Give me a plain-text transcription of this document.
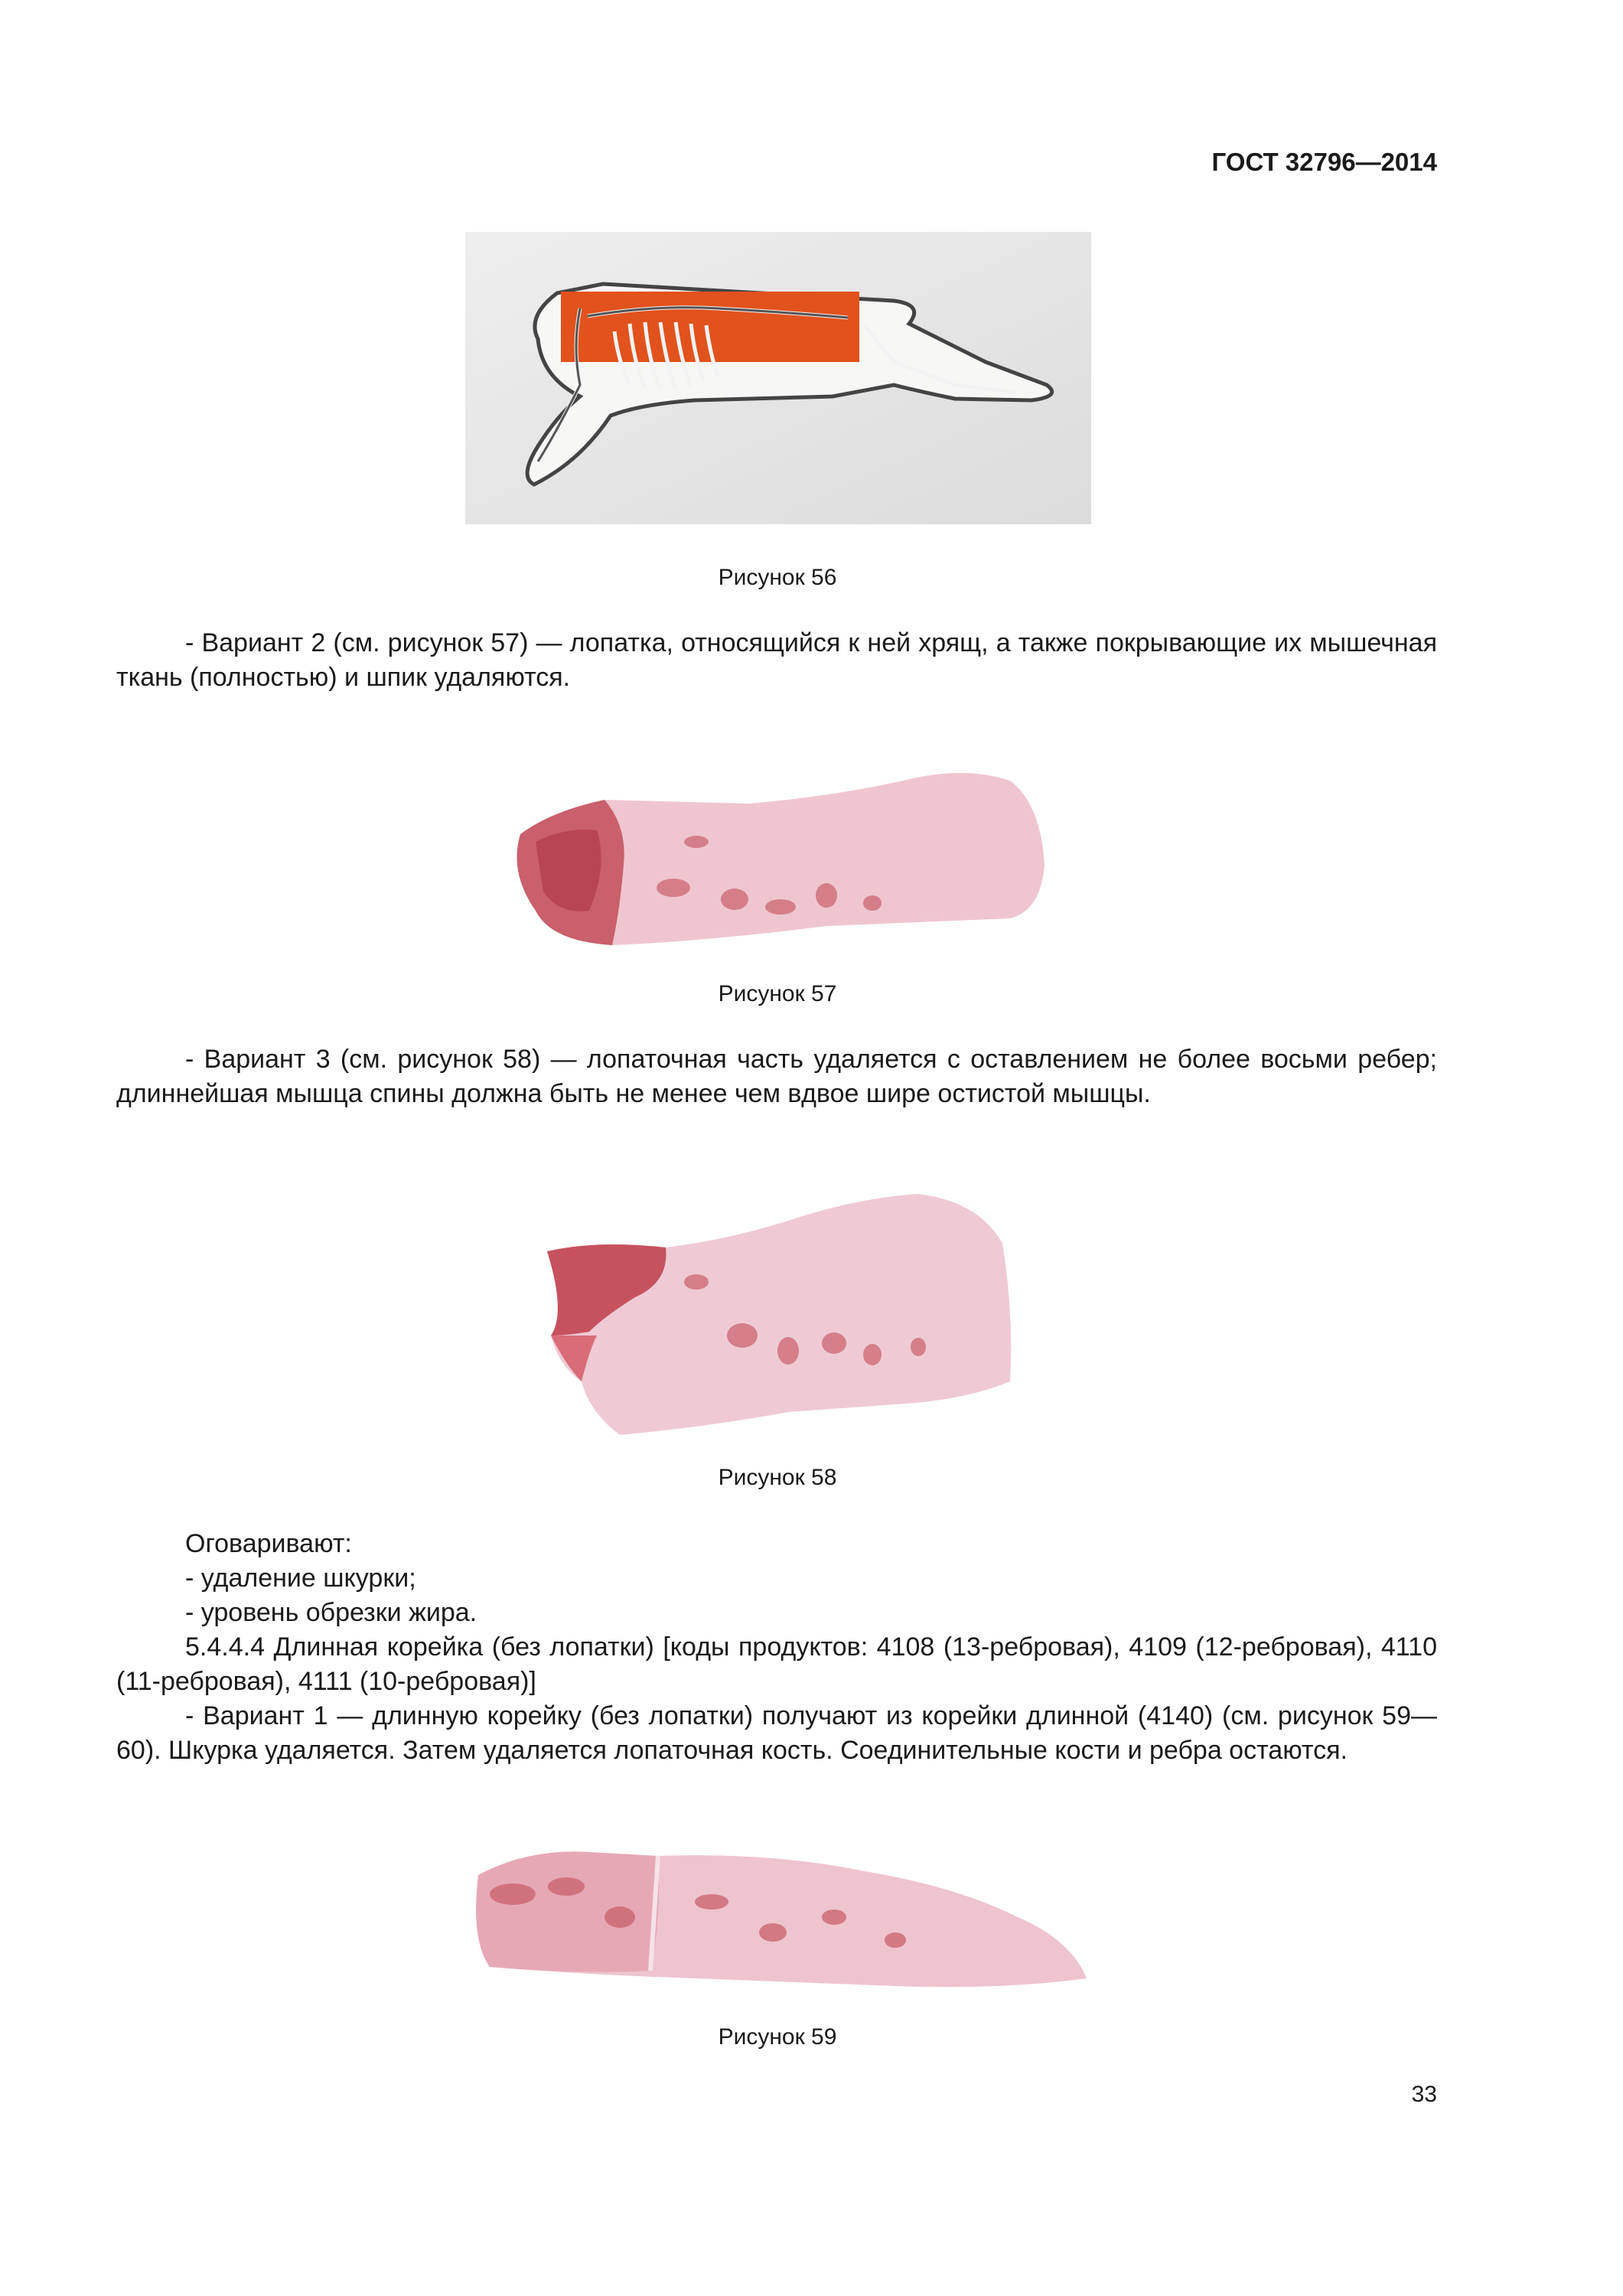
ГОСТ 32796—2014
Рисунок 56
- Вариант 2 (см. рисунок 57) — лопатка, относящийся к ней хрящ, а также покрывающие их мышечная ткань (полностью) и шпик удаляются.
Рисунок 57
- Вариант 3 (см. рисунок 58) — лопаточная часть удаляется с оставлением не более восьми ребер; длиннейшая мышца спины должна быть не менее чем вдвое шире остистой мышцы.
Рисунок 58
Оговаривают:
- удаление шкурки;
- уровень обрезки жира.
5.4.4.4 Длинная корейка (без лопатки) [коды продуктов: 4108 (13-ребровая), 4109 (12-ребровая), 4110 (11-ребровая), 4111 (10-ребровая)]
- Вариант 1 — длинную корейку (без лопатки) получают из корейки длинной (4140) (см. рисунок 59—60). Шкурка удаляется. Затем удаляется лопаточная кость. Соединительные кости и ребра остаются.
Рисунок 59
33
